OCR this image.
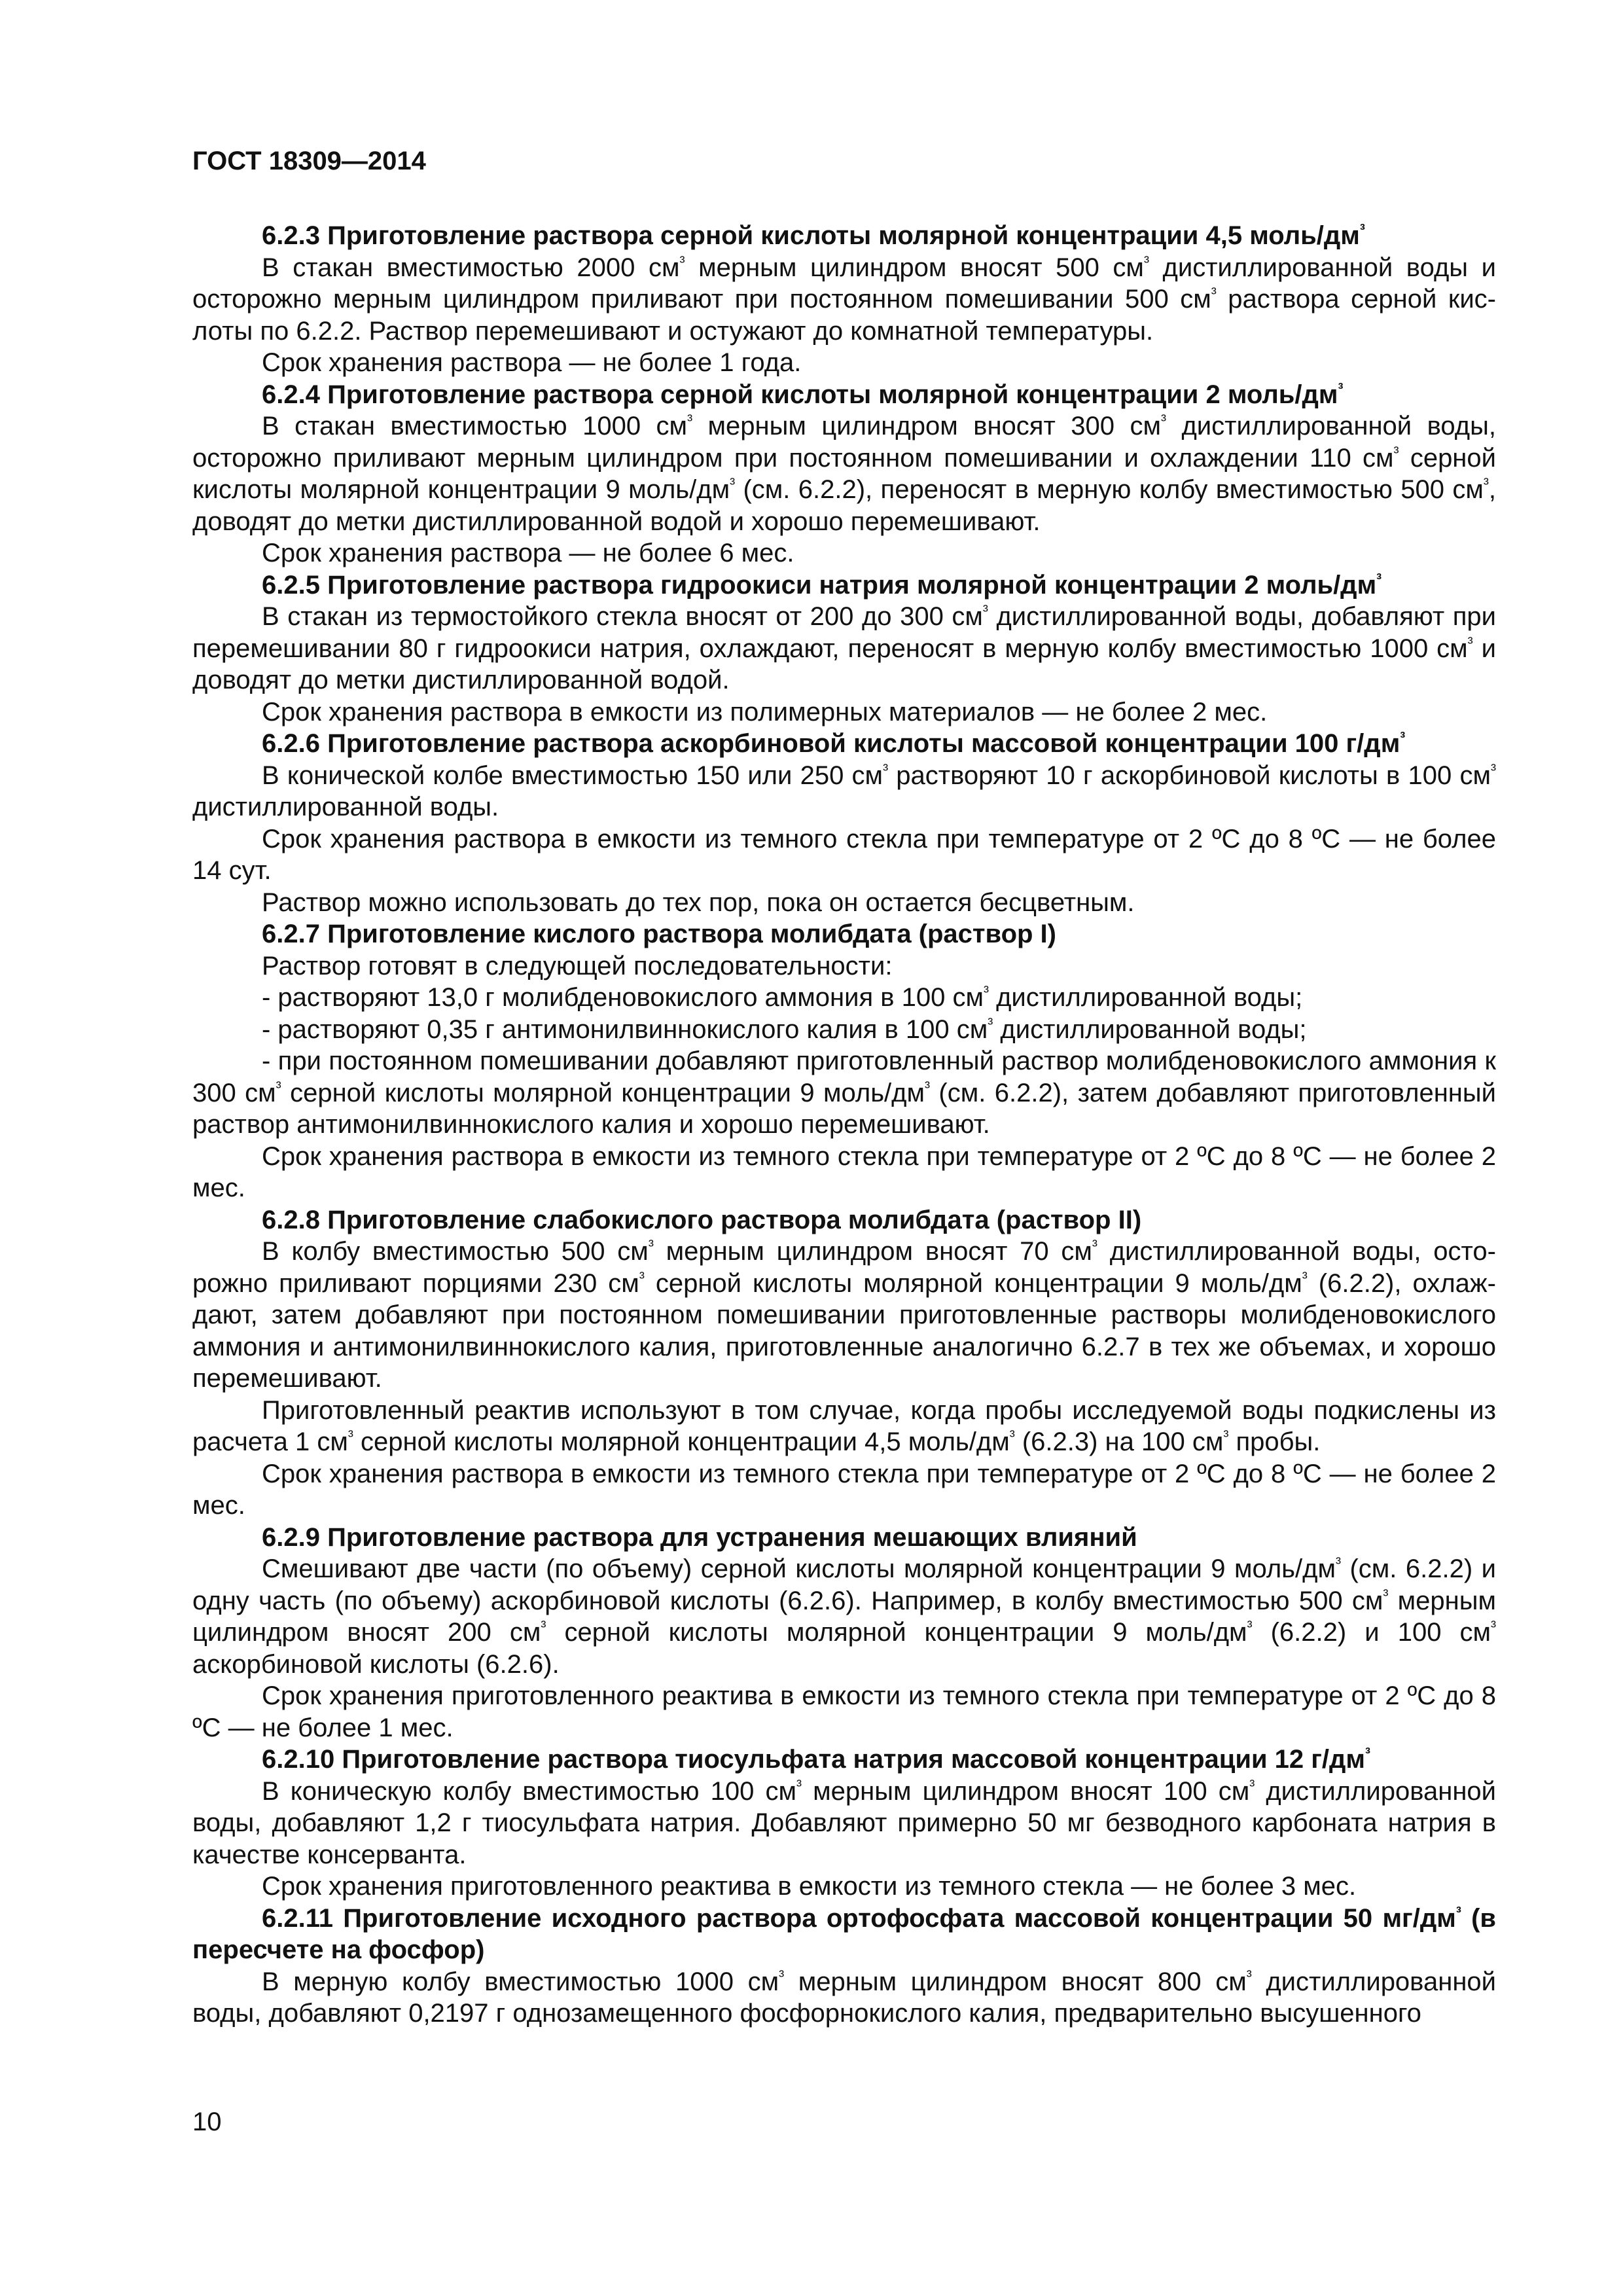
ГОСТ 18309—2014

6.2.3 Приготовление раствора серной кислоты молярной концентрации 4,5 моль/$дм^{^3}$

В стакан вместимостью 2000 $см^{^3}$ мерным цилиндром вносят 500 $см^{^3}$ дистиллированной воды и осторожно мерным цилиндром приливают при постоянном помешивании 500 $см^{^3}$ раствора серной кислоты по 6.2.2. Раствор перемешивают и остужают до комнатной температуры.

Срок хранения раствора — не более 1 года.

6.2.4 Приготовление раствора серной кислоты молярной концентрации 2 моль/$дм^{^3}$

В стакан вместимостью 1000 $см^{^3}$ мерным цилиндром вносят 300 $см^{^3}$ дистиллированной воды, осторожно приливают мерным цилиндром при постоянном помешивании и охлаждении 110 $см^{^3}$ серной кислоты молярной концентрации 9 моль/$дм^{^3}$ (см. 6.2.2), переносят в мерную колбу вместимостью 500 $см^{^3}$, доводят до метки дистиллированной водой и хорошо перемешивают.

Срок хранения раствора — не более 6 мес.

6.2.5 Приготовление раствора гидроокиси натрия молярной концентрации 2 моль/$дм^{^3}$

В стакан из термостойкого стекла вносят от 200 до 300 $см^{^3}$ дистиллированной воды, добавляют при перемешивании 80 г гидроокиси натрия, охлаждают, переносят в мерную колбу вместимостью 1000 $см^{^3}$ и доводят до метки дистиллированной водой.

Срок хранения раствора в емкости из полимерных материалов — не более 2 мес.

6.2.6 Приготовление раствора аскорбиновой кислоты массовой концентрации 100 $г/дм^{^3}$

В конической колбе вместимостью 150 или 250 $см^{^3}$ растворяют 10 г аскорбиновой кислоты в 100 $см^{^3}$ дистиллированной воды.

Срок хранения раствора в емкости из темного стекла при температуре от 2 ºС до 8 ºС — не более 14 сут.

Раствор можно использовать до тех пор, пока он остается бесцветным.

6.2.7 Приготовление кислого раствора молибдата (раствор I)

Раствор готовят в следующей последовательности:

- растворяют 13,0 г молибденовокислого аммония в 100 $см^{^3}$ дистиллированной воды;

- растворяют 0,35 г антимонилвиннокислого калия в 100 $см^{^3}$ дистиллированной воды;

- при постоянном помешивании добавляют приготовленный раствор молибденовокислого аммония к 300 $см^{^3}$ серной кислоты молярной концентрации 9 моль/$дм^{^3}$ (см. 6.2.2), затем добавляют приготовленный раствор антимонилвиннокислого калия и хорошо перемешивают.

Срок хранения раствора в емкости из темного стекла при температуре от 2 ºС до 8 ºС — не более 2 мес.

6.2.8 Приготовление слабокислого раствора молибдата (раствор II)

В колбу вместимостью 500 $см^{^3}$ мерным цилиндром вносят 70 $см^{^3}$ дистиллированной воды, осторожно приливают порциями 230 $см^{^3}$ серной кислоты молярной концентрации 9 моль/$дм^{^3}$ (6.2.2), охлаждают, затем добавляют при постоянном помешивании приготовленные растворы молибденовокислого аммония и антимонилвиннокислого калия, приготовленные аналогично 6.2.7 в тех же объемах, и хорошо перемешивают.

Приготовленный реактив используют в том случае, когда пробы исследуемой воды подкислены из расчета 1 $см^{^3}$ серной кислоты молярной концентрации 4,5 моль/$дм^{^3}$ (6.2.3) на 100 $см^{^3}$ пробы.

Срок хранения раствора в емкости из темного стекла при температуре от 2 ºС до 8 ºС — не более 2 мес.

6.2.9 Приготовление раствора для устранения мешающих влияний

Смешивают две части (по объему) серной кислоты молярной концентрации 9 моль/$дм^{^3}$ (см. 6.2.2) и одну часть (по объему) аскорбиновой кислоты (6.2.6). Например, в колбу вместимостью 500 $см^{^3}$ мерным цилиндром вносят 200 $см^{^3}$ серной кислоты молярной концентрации 9 моль/$дм^{^3}$ (6.2.2) и 100 $см^{^3}$ аскорбиновой кислоты (6.2.6).

Срок хранения приготовленного реактива в емкости из темного стекла при температуре от 2 ºС до 8 ºС — не более 1 мес.

6.2.10 Приготовление раствора тиосульфата натрия массовой концентрации 12 $г/дм^{^3}$

В коническую колбу вместимостью 100 $см^{^3}$ мерным цилиндром вносят 100 $см^{^3}$ дистиллированной воды, добавляют 1,2 г тиосульфата натрия. Добавляют примерно 50 мг безводного карбоната натрия в качестве консерванта.

Срок хранения приготовленного реактива в емкости из темного стекла — не более 3 мес.

6.2.11 Приготовление исходного раствора ортофосфата массовой концентрации 50 $мг/дм^{^3}$ (в пересчете на фосфор)

В мерную колбу вместимостью 1000 $см^{^3}$ мерным цилиндром вносят 800 $см^{^3}$ дистиллированной воды, добавляют 0,2197 г однозамещенного фосфорнокислого калия, предварительно высушенного

10
